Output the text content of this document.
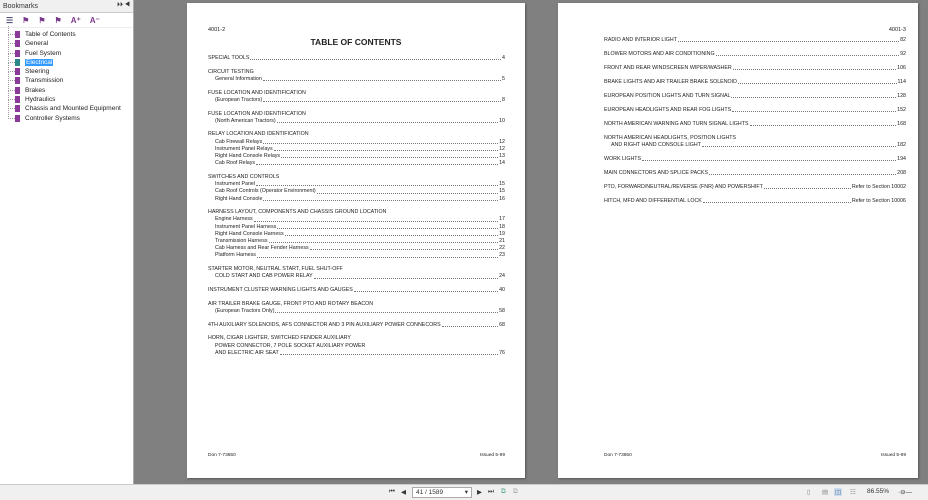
Bookmarks	⏵⏵ ◀
☰ ⚑ ⚑ ⚑ A⁺ A⁻
Table of Contents
General
Fuel System
Electrical
Steering
Transmission
Brakes
Hydraulics
Chassis and Mounted Equipment
Controller Systems
4001-2
TABLE OF CONTENTS
SPECIAL TOOLS	4
CIRCUIT TESTING
General Information	5
FUSE LOCATION AND IDENTIFICATION
(European Tractors)	8
FUSE LOCATION AND IDENTIFICATION
(North American Tractors)	10
RELAY LOCATION AND IDENTIFICATION
Cab Firewall Relays	12
Instrument Panel Relays	12
Right Hand Console Relays	13
Cab Roof Relays	14
SWITCHES AND CONTROLS
Instrument Panel	15
Cab Roof Controls (Operator Environment)	15
Right Hand Console	16
HARNESS LAYOUT, COMPONENTS AND CHASSIS GROUND LOCATION
Engine Harness	17
Instrument Panel Harness	18
Right Hand Console Harness	19
Transmission Harness	21
Cab Harness and Rear Fender Harness	22
Platform Harness	23
STARTER MOTOR, NEUTRAL START, FUEL SHUT-OFF
COLD START AND CAB POWER RELAY	24
INSTRUMENT CLUSTER WARNING LIGHTS AND GAUGES	40
AIR TRAILER BRAKE GAUGE, FRONT PTO AND ROTARY BEACON
(European Tractors Only)	58
4TH AUXILIARY SOLENOIDS, AFS CONNECTOR AND 3 PIN AUXILIARY POWER CONNECORS	68
HORN, CIGAR LIGHTER, SWITCHED FENDER AUXILIARY
POWER CONNECTOR, 7 POLE SOCKET AUXILIARY POWER
AND ELECTRIC AIR SEAT	76
Don 7-73650	Issued 5-99
4001-3
RADIO AND INTERIOR LIGHT	82
BLOWER MOTORS AND AIR CONDITIONING	92
FRONT AND REAR WINDSCREEN WIPER/WASHER	106
BRAKE LIGHTS AND AIR TRAILER BRAKE SOLENOID	114
EUROPEAN POSITION LIGHTS AND TURN SIGNAL	128
EUROPEAN HEADLIGHTS AND REAR FOG LIGHTS	152
NORTH AMERICAN WARNING AND TURN SIGNAL LIGHTS	168
NORTH AMERICAN HEADLIGHTS, POSITION LIGHTS
AND RIGHT HAND CONSOLE LIGHT	182
WORK LIGHTS	194
MAIN CONNECTORS AND SPLICE PACKS	208
PTO, FORWARD/NEUTRAL/REVERSE (FNR) AND POWERSHIFT	Refer to Section 10002
HITCH, MFD AND DIFFERENTIAL LOCK	Refer to Section 10006
Don 7-73650	Issued 5-99
⏮ ◀	41 / 1589	▾ ▶ ⏭ ⧉ ⧉	▯ ▤ ◫ ☷ 86.55% ·⊖—
